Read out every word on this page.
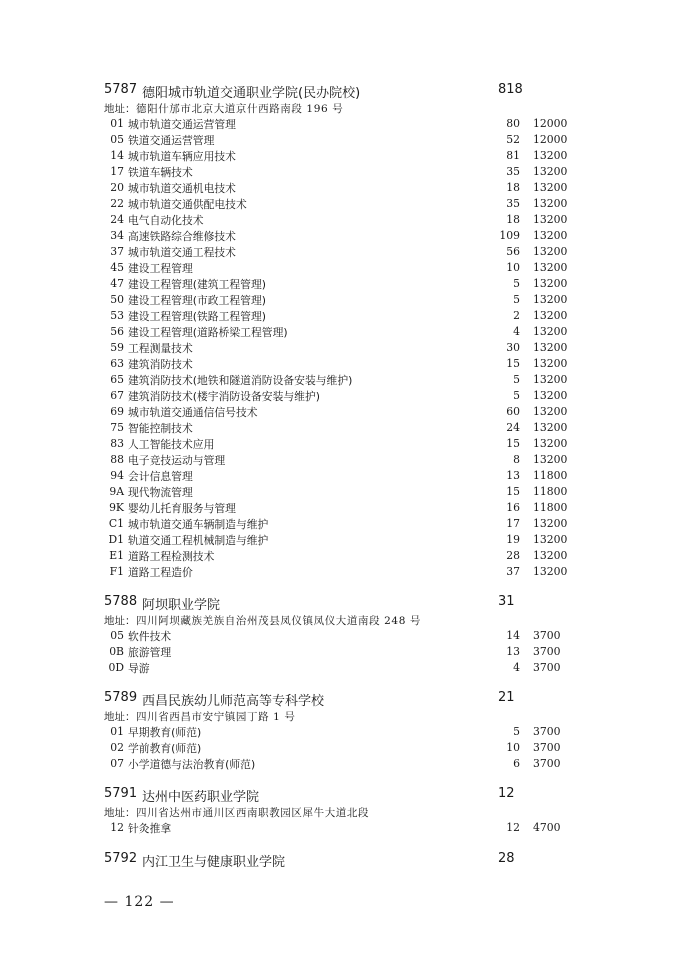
5787 德阳城市轨道交通职业学院(民办院校)	818
地址： 德阳什邡市北京大道京什西路南段 196 号
01 城市轨道交通运营管理	80 12000
05 铁道交通运营管理	52 12000
14 城市轨道车辆应用技术	81 13200
17 铁道车辆技术	35 13200
20 城市轨道交通机电技术	18 13200
22 城市轨道交通供配电技术	35 13200
24 电气自动化技术	18 13200
34 高速铁路综合维修技术	109 13200
37 城市轨道交通工程技术	56 13200
45 建设工程管理	10 13200
47 建设工程管理(建筑工程管理)	5 13200
50 建设工程管理(市政工程管理)	5 13200
53 建设工程管理(铁路工程管理)	2 13200
56 建设工程管理(道路桥梁工程管理)	4 13200
59 工程测量技术	30 13200
63 建筑消防技术	15 13200
65 建筑消防技术(地铁和隧道消防设备安装与维护)	5 13200
67 建筑消防技术(楼宇消防设备安装与维护)	5 13200
69 城市轨道交通通信信号技术	60 13200
75 智能控制技术	24 13200
83 人工智能技术应用	15 13200
88 电子竞技运动与管理	8 13200
94 会计信息管理	13 11800
9A 现代物流管理	15 11800
9K 婴幼儿托育服务与管理	16 11800
C1 城市轨道交通车辆制造与维护	17 13200
D1 轨道交通工程机械制造与维护	19 13200
E1 道路工程检测技术	28 13200
F1 道路工程造价	37 13200
5788 阿坝职业学院	31
地址： 四川阿坝藏族羌族自治州茂县凤仪镇凤仪大道南段 248 号
05 软件技术	14 3700
0B 旅游管理	13 3700
0D 导游	4 3700
5789 西昌民族幼儿师范高等专科学校	21
地址： 四川省西昌市安宁镇园丁路 1 号
01 早期教育(师范)	5 3700
02 学前教育(师范)	10 3700
07 小学道德与法治教育(师范)	6 3700
5791 达州中医药职业学院	12
地址： 四川省达州市通川区西南职教园区犀牛大道北段
12 针灸推拿	12 4700
5792 内江卫生与健康职业学院	28
— 122 —
